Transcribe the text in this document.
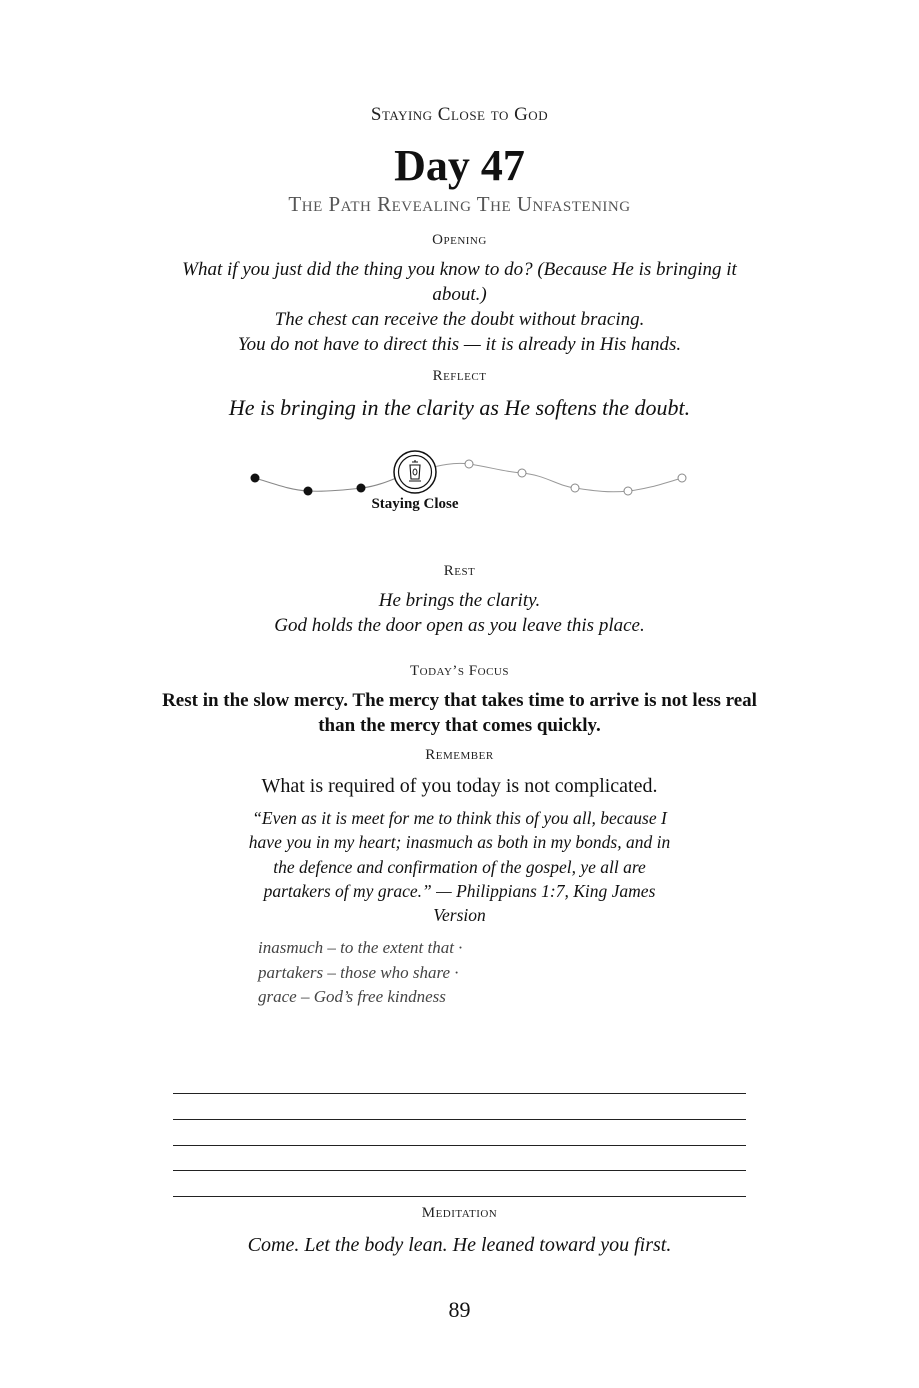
Staying Close to God
Day 47
The Path Revealing The Unfastening
Opening
What if you just did the thing you know to do? (Because He is bringing it about.)
The chest can receive the doubt without bracing.
You do not have to direct this — it is already in His hands.
Reflect
He is bringing in the clarity as He softens the doubt.
Staying Close
Rest
He brings the clarity.
God holds the door open as you leave this place.
Today’s Focus
Rest in the slow mercy. The mercy that takes time to arrive is not less real than the mercy that comes quickly.
Remember
What is required of you today is not complicated.
“Even as it is meet for me to think this of you all, because I have you in my heart; inasmuch as both in my bonds, and in the defence and confirmation of the gospel, ye all are partakers of my grace.” — Philippians 1:7, King James Version
inasmuch – to the extent that ·
partakers – those who share ·
grace – God’s free kindness
Meditation
Come. Let the body lean. He leaned toward you first.
89
